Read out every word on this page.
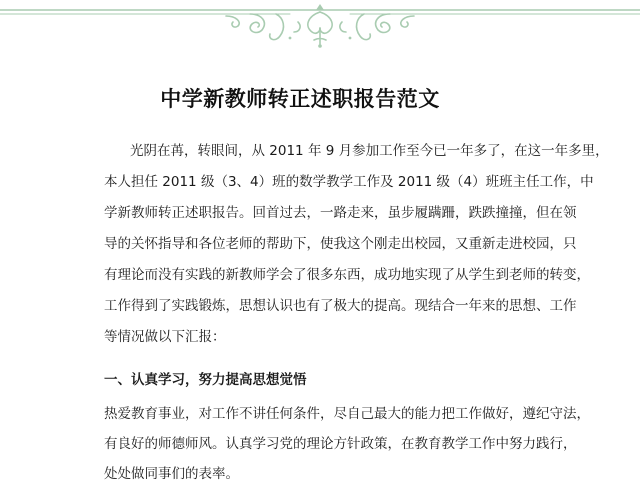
中学新教师转正述职报告范文

光阴在苒，转眼间，从 2011 年 9 月参加工作至今已一年多了，在这一年多里，

本人担任 2011 级（3、4）班的数学教学工作及 2011 级（4）班班主任工作，中

学新教师转正述职报告。回首过去，一路走来，虽步履蹒跚，跌跌撞撞，但在领

导的关怀指导和各位老师的帮助下，使我这个刚走出校园，又重新走进校园，只

有理论而没有实践的新教师学会了很多东西，成功地实现了从学生到老师的转变，

工作得到了实践锻炼，思想认识也有了极大的提高。现结合一年来的思想、工作

等情况做以下汇报：

一、认真学习，努力提高思想觉悟

热爱教育事业，对工作不讲任何条件，尽自己最大的能力把工作做好，遵纪守法，

有良好的师德师风。认真学习党的理论方针政策，在教育教学工作中努力践行，

处处做同事们的表率。
